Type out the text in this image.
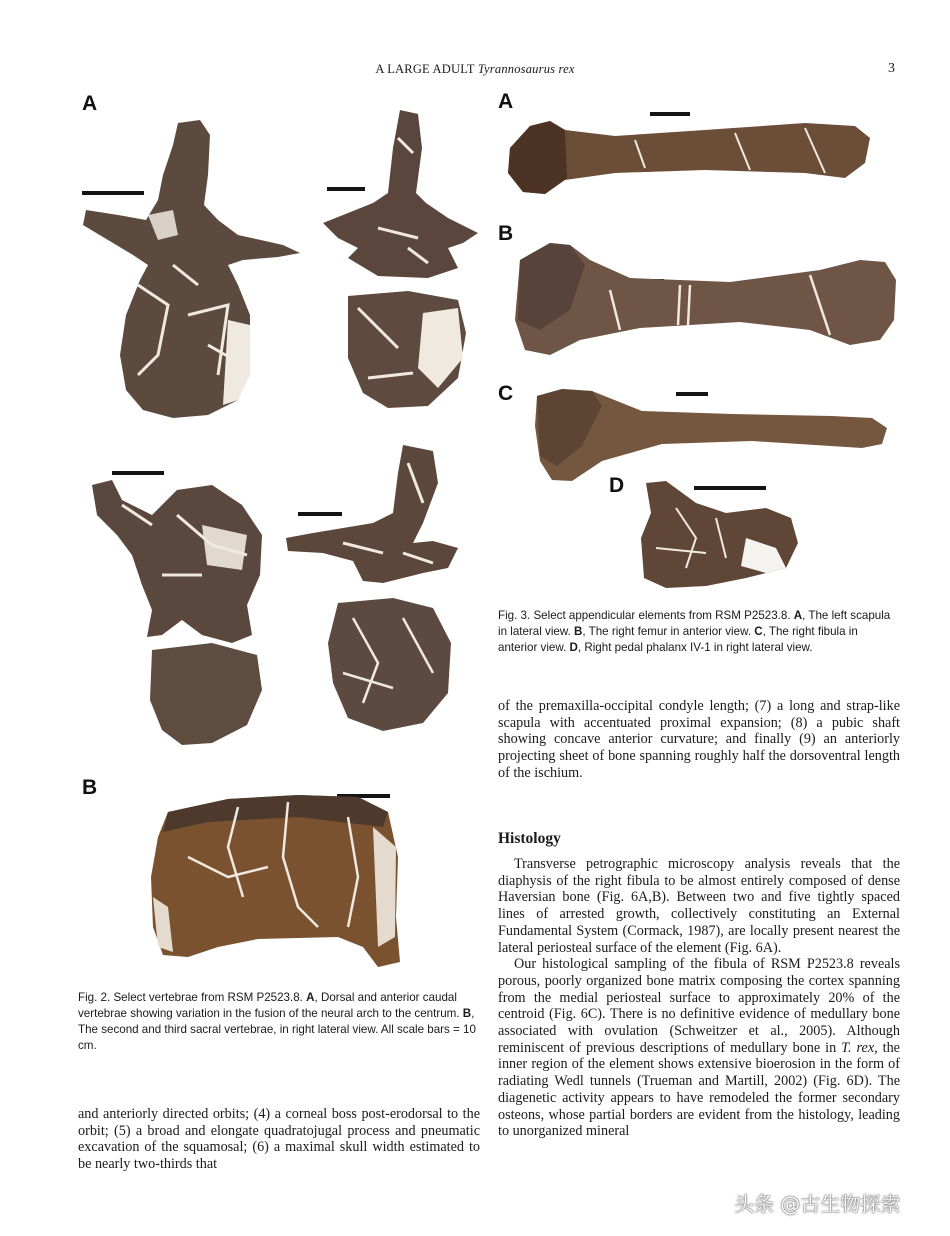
A LARGE ADULT Tyrannosaurus rex	3
A
B
Fig. 2. Select vertebrae from RSM P2523.8. A, Dorsal and anterior caudal vertebrae showing variation in the fusion of the neural arch to the centrum. B, The second and third sacral vertebrae, in right lateral view. All scale bars = 10 cm.

and anteriorly directed orbits; (4) a corneal boss post-erodorsal to the orbit; (5) a broad and elongate quadratojugal process and pneumatic excavation of the squamosal; (6) a maximal skull width estimated to be nearly two-thirds that

A
B
C
D
Fig. 3. Select appendicular elements from RSM P2523.8. A, The left scapula in lateral view. B, The right femur in anterior view. C, The right fibula in anterior view. D, Right pedal phalanx IV-1 in right lateral view.

of the premaxilla-occipital condyle length; (7) a long and strap-like scapula with accentuated proximal expansion; (8) a pubic shaft showing concave anterior curvature; and finally (9) an anteriorly projecting sheet of bone spanning roughly half the dorsoventral length of the ischium.

Histology

Transverse petrographic microscopy analysis reveals that the diaphysis of the right fibula to be almost entirely composed of dense Haversian bone (Fig. 6A,B). Between two and five tightly spaced lines of arrested growth, collectively constituting an External Fundamental System (Cormack, 1987), are locally present nearest the lateral periosteal surface of the element (Fig. 6A).

Our histological sampling of the fibula of RSM P2523.8 reveals porous, poorly organized bone matrix composing the cortex spanning from the medial periosteal surface to approximately 20% of the centroid (Fig. 6C). There is no definitive evidence of medullary bone associated with ovulation (Schweitzer et al., 2005). Although reminiscent of previous descriptions of medullary bone in T. rex, the inner region of the element shows extensive bioerosion in the form of radiating Wedl tunnels (Trueman and Martill, 2002) (Fig. 6D). The diagenetic activity appears to have remodeled the former secondary osteons, whose partial borders are evident from the histology, leading to unorganized mineral

头条 @古生物探索
